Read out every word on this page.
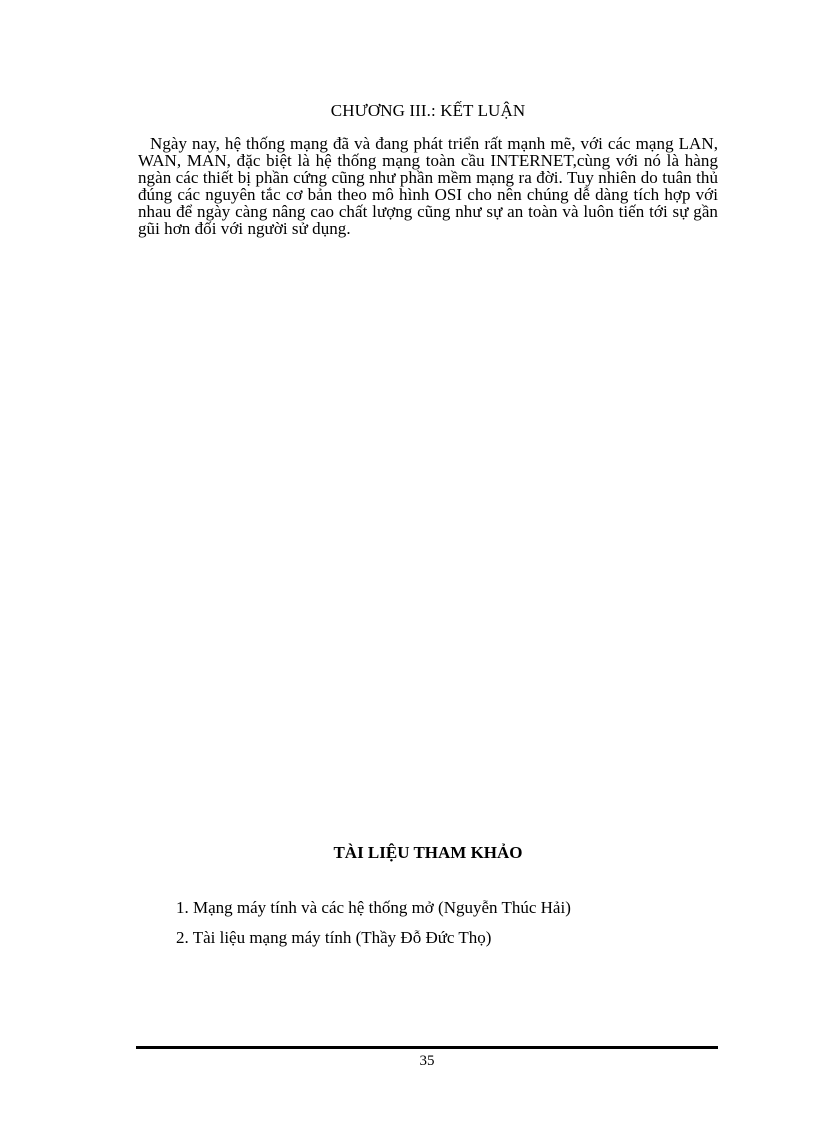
CHƯƠNG III.: KẾT LUẬN

Ngày nay, hệ thống mạng đã và đang phát triển rất mạnh mẽ, với các mạng LAN, WAN, MAN, đặc biệt là hệ thống mạng toàn cầu INTERNET,cùng với nó là hàng ngàn các thiết bị phần cứng cũng như phần mềm mạng ra đời. Tuy nhiên do tuân thủ đúng các nguyên tắc cơ bản theo mô hình OSI cho nên chúng dễ dàng tích hợp với nhau để ngày càng nâng cao chất lượng cũng như sự an toàn và luôn tiến tới sự gần gũi hơn đối với người sử dụng.

TÀI LIỆU THAM KHẢO
1. Mạng máy tính và các hệ thống mở (Nguyễn Thúc Hải)
2. Tài liệu mạng máy tính (Thầy Đỗ Đức Thọ)
35
